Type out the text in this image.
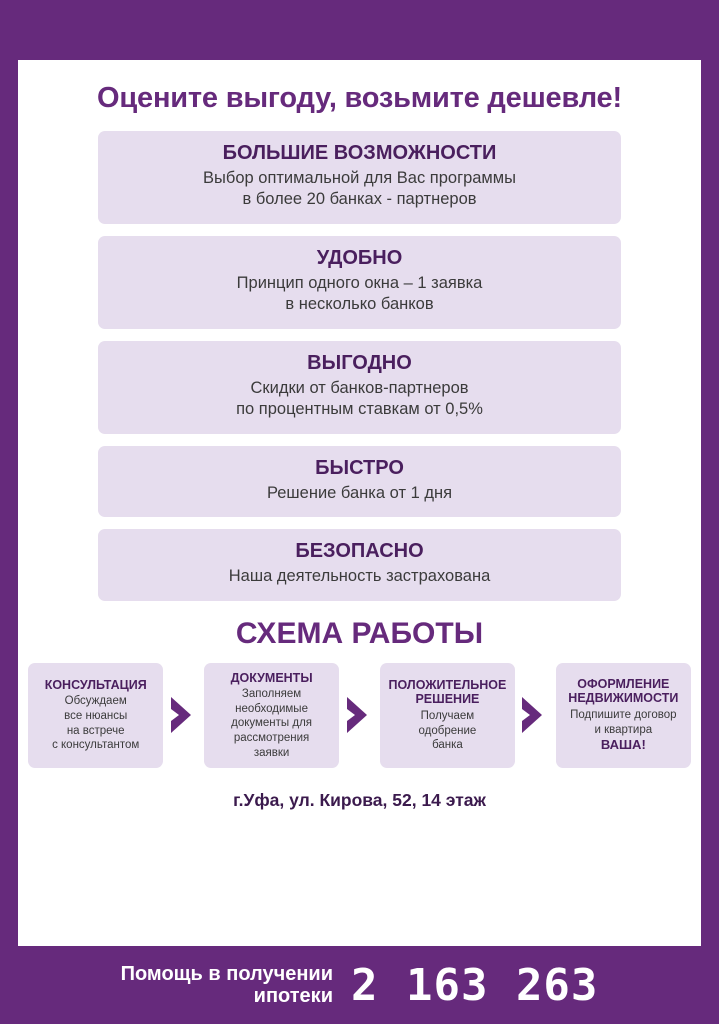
Оцените выгоду, возьмите дешевле!
БОЛЬШИЕ ВОЗМОЖНОСТИ
Выбор оптимальной для Вас программы
в более 20 банках - партнеров
УДОБНО
Принцип одного окна – 1 заявка
в несколько банков
ВЫГОДНО
Скидки от банков-партнеров
по процентным ставкам от 0,5%
БЫСТРО
Решение банка от 1 дня
БЕЗОПАСНО
Наша деятельность застрахована
СХЕМА РАБОТЫ
КОНСУЛЬТАЦИЯ
Обсуждаем
все нюансы
на встрече
с консультантом
ДОКУМЕНТЫ
Заполняем
необходимые
документы для
рассмотрения
заявки
ПОЛОЖИТЕЛЬНОЕ РЕШЕНИЕ
Получаем
одобрение
банка
ОФОРМЛЕНИЕ НЕДВИЖИМОСТИ
Подпишите договор
и квартира
ВАША!
г.Уфа, ул. Кирова, 52, 14 этаж
Помощь в получении
ипотеки 2 163 263
